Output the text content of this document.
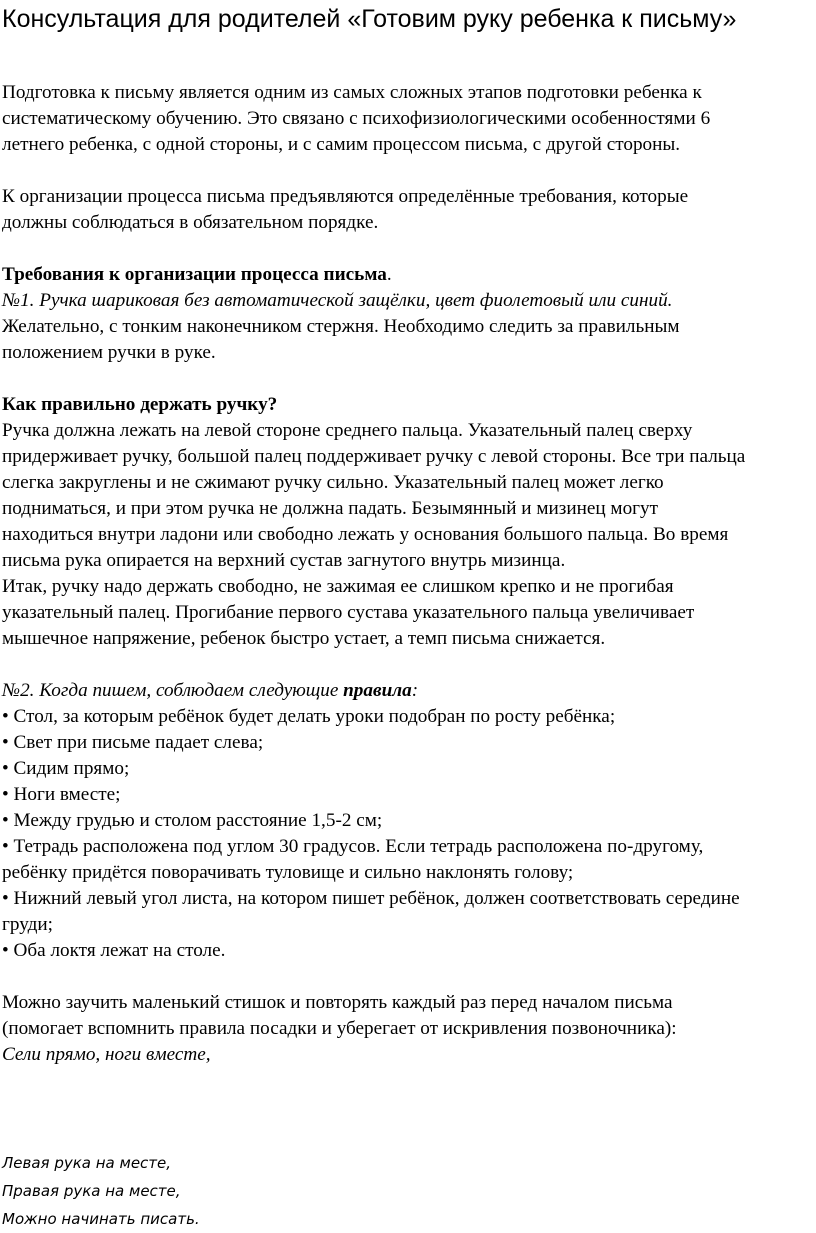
Консультация для родителей «Готовим руку ребенка к письму»

Подготовка к письму является одним из самых сложных этапов подготовки ребенка к

систематическому обучению. Это связано с психофизиологическими особенностями 6

летнего ребенка, с одной стороны, и с самим процессом письма, с другой стороны.

К организации процесса письма предъявляются определённые требования, которые

должны соблюдаться в обязательном порядке.

Требования к организации процесса письма.

№1. Ручка шариковая без автоматической защёлки, цвет фиолетовый или синий.

Желательно, с тонким наконечником стержня. Необходимо следить за правильным

положением ручки в руке.

Как правильно держать ручку?

Ручка должна лежать на левой стороне среднего пальца. Указательный палец сверху

придерживает ручку, большой палец поддерживает ручку с левой стороны. Все три пальца

слегка закруглены и не сжимают ручку сильно. Указательный палец может легко

подниматься, и при этом ручка не должна падать. Безымянный и мизинец могут

находиться внутри ладони или свободно лежать у основания большого пальца. Во время

письма рука опирается на верхний сустав загнутого внутрь мизинца.

Итак, ручку надо держать свободно, не зажимая ее слишком крепко и не прогибая

указательный палец. Прогибание первого сустава указательного пальца увеличивает

мышечное напряжение, ребенок быстро устает, а темп письма снижается.

№2. Когда пишем, соблюдаем следующие правила:

• Стол, за которым ребёнок будет делать уроки подобран по росту ребёнка;

• Свет при письме падает слева;

• Сидим прямо;

• Ноги вместе;

• Между грудью и столом расстояние 1,5-2 см;

• Тетрадь расположена под углом 30 градусов. Если тетрадь расположена по-другому,

ребёнку придётся поворачивать туловище и сильно наклонять голову;

• Нижний левый угол листа, на котором пишет ребёнок, должен соответствовать середине

груди;

• Оба локтя лежат на столе.

Можно заучить маленький стишок и повторять каждый раз перед началом письма

(помогает вспомнить правила посадки и уберегает от искривления позвоночника):

Сели прямо, ноги вместе,

Левая рука на месте,

Правая рука на месте,

Можно начинать писать.
